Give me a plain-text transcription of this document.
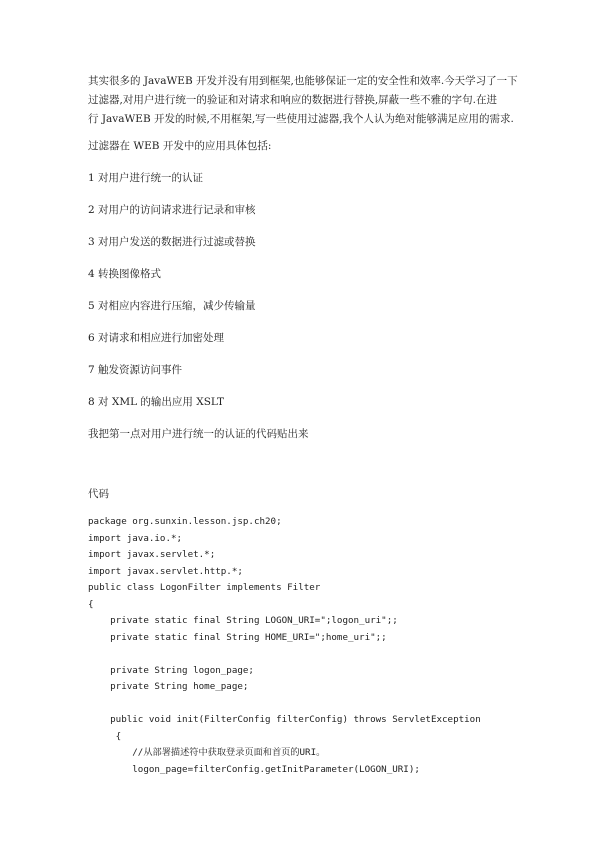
其实很多的 JavaWEB 开发并没有用到框架,也能够保证一定的安全性和效率.今天学习了一下

过滤器,对用户进行统一的验证和对请求和响应的数据进行替换,屏蔽一些不雅的字句.在进

行 JavaWEB 开发的时候,不用框架,写一些使用过滤器,我个人认为绝对能够满足应用的需求.

过滤器在 WEB 开发中的应用具体包括:
1 对用户进行统一的认证
2 对用户的访问请求进行记录和审核
3 对用户发送的数据进行过滤或替换
4 转换图像格式
5 对相应内容进行压缩，减少传输量
6 对请求和相应进行加密处理
7 触发资源访问事件
8 对 XML 的输出应用 XSLT
我把第一点对用户进行统一的认证的代码贴出来
代码
package org.sunxin.lesson.jsp.ch20;
import java.io.*;
import javax.servlet.*;
import javax.servlet.http.*;
public class LogonFilter implements Filter
{
private static final String LOGON_URI=";logon_uri";;
private static final String HOME_URI=";home_uri";;
private String logon_page;
private String home_page;
public void init(FilterConfig filterConfig) throws ServletException
{
//从部署描述符中获取登录页面和首页的URI。
logon_page=filterConfig.getInitParameter(LOGON_URI);
